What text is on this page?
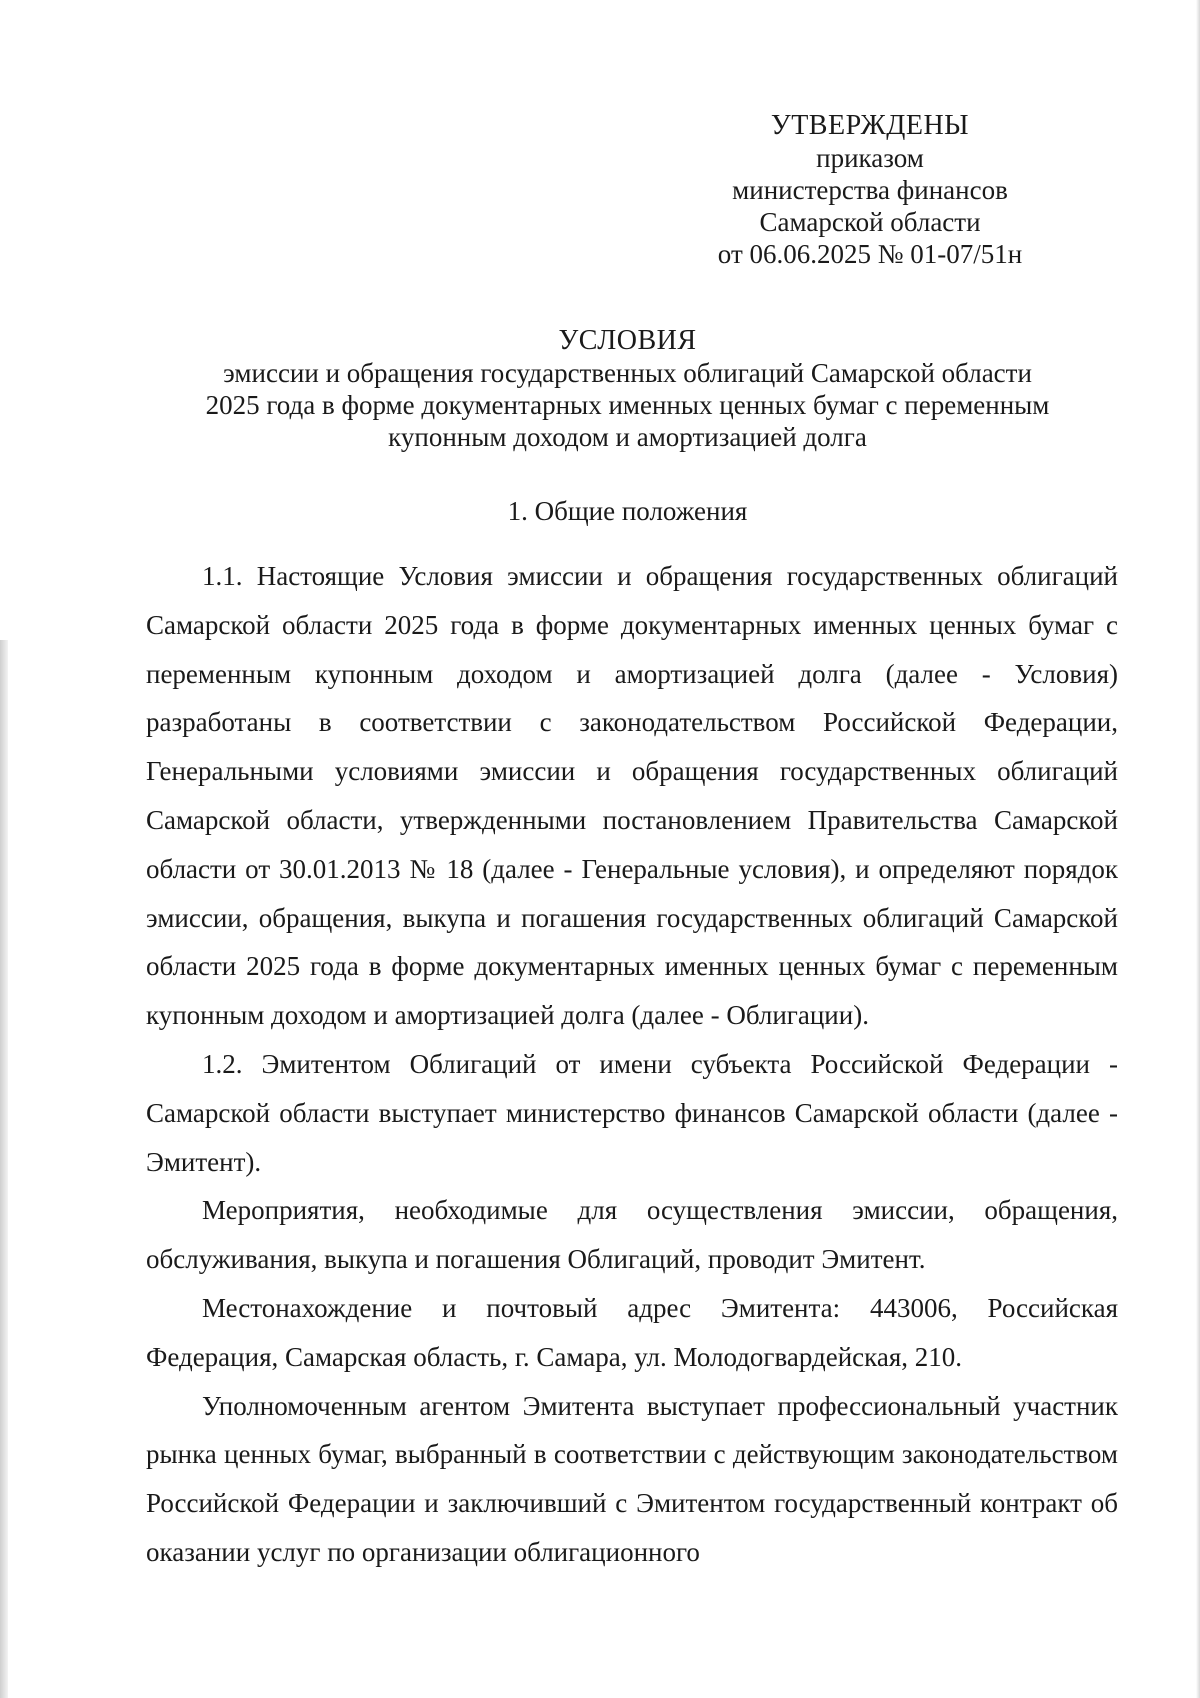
УТВЕРЖДЕНЫ
приказом
министерства финансов
Самарской области
от 06.06.2025 № 01-07/51н
УСЛОВИЯ
эмиссии и обращения государственных облигаций Самарской области
2025 года в форме документарных именных ценных бумаг с переменным
купонным доходом и амортизацией долга
1. Общие положения

1.1. Настоящие Условия эмиссии и обращения государственных облигаций Самарской области 2025 года в форме документарных именных ценных бумаг с переменным купонным доходом и амортизацией долга (далее - Условия) разработаны в соответствии с законодательством Российской Федерации, Генеральными условиями эмиссии и обращения государственных облигаций Самарской области, утвержденными постановлением Правительства Самарской области от 30.01.2013 № 18 (далее - Генеральные условия), и определяют порядок эмиссии, обращения, выкупа и погашения государственных облигаций Самарской области 2025 года в форме документарных именных ценных бумаг с переменным купонным доходом и амортизацией долга (далее - Облигации).

1.2. Эмитентом Облигаций от имени субъекта Российской Федерации - Самарской области выступает министерство финансов Самарской области (далее - Эмитент).

Мероприятия, необходимые для осуществления эмиссии, обращения, обслуживания, выкупа и погашения Облигаций, проводит Эмитент.

Местонахождение и почтовый адрес Эмитента: 443006, Российская Федерация, Самарская область, г. Самара, ул. Молодогвардейская, 210.

Уполномоченным агентом Эмитента выступает профессиональный участник рынка ценных бумаг, выбранный в соответствии с действующим законодательством Российской Федерации и заключивший с Эмитентом государственный контракт об оказании услуг по организации облигационного
